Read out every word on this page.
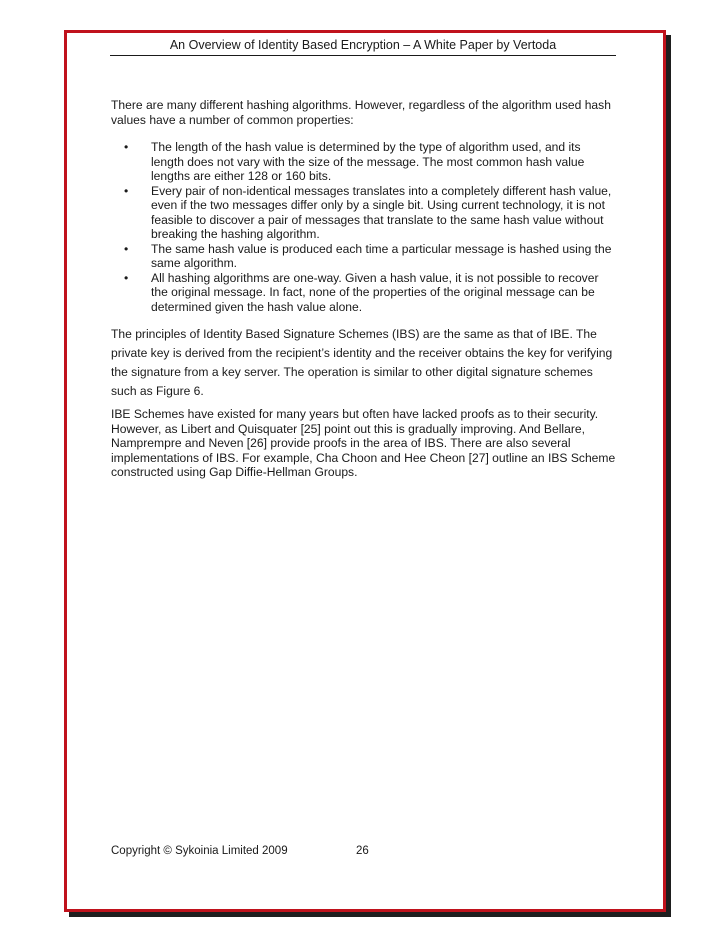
An Overview of Identity Based Encryption – A White Paper by Vertoda

There are many different hashing algorithms. However, regardless of the algorithm used hash values have a number of common properties:

• The length of the hash value is determined by the type of algorithm used, and its length does not vary with the size of the message. The most common hash value lengths are either 128 or 160 bits.
• Every pair of non-identical messages translates into a completely different hash value, even if the two messages differ only by a single bit. Using current technology, it is not feasible to discover a pair of messages that translate to the same hash value without breaking the hashing algorithm.
• The same hash value is produced each time a particular message is hashed using the same algorithm.
• All hashing algorithms are one-way. Given a hash value, it is not possible to recover the original message. In fact, none of the properties of the original message can be determined given the hash value alone.

The principles of Identity Based Signature Schemes (IBS) are the same as that of IBE. The private key is derived from the recipient’s identity and the receiver obtains the key for verifying the signature from a key server. The operation is similar to other digital signature schemes such as Figure 6.

IBE Schemes have existed for many years but often have lacked proofs as to their security. However, as Libert and Quisquater [25] point out this is gradually improving. And Bellare, Namprempre and Neven [26] provide proofs in the area of IBS. There are also several implementations of IBS. For example, Cha Choon and Hee Cheon [27] outline an IBS Scheme constructed using Gap Diffie-Hellman Groups.

Copyright © Sykoinia Limited 2009	26
